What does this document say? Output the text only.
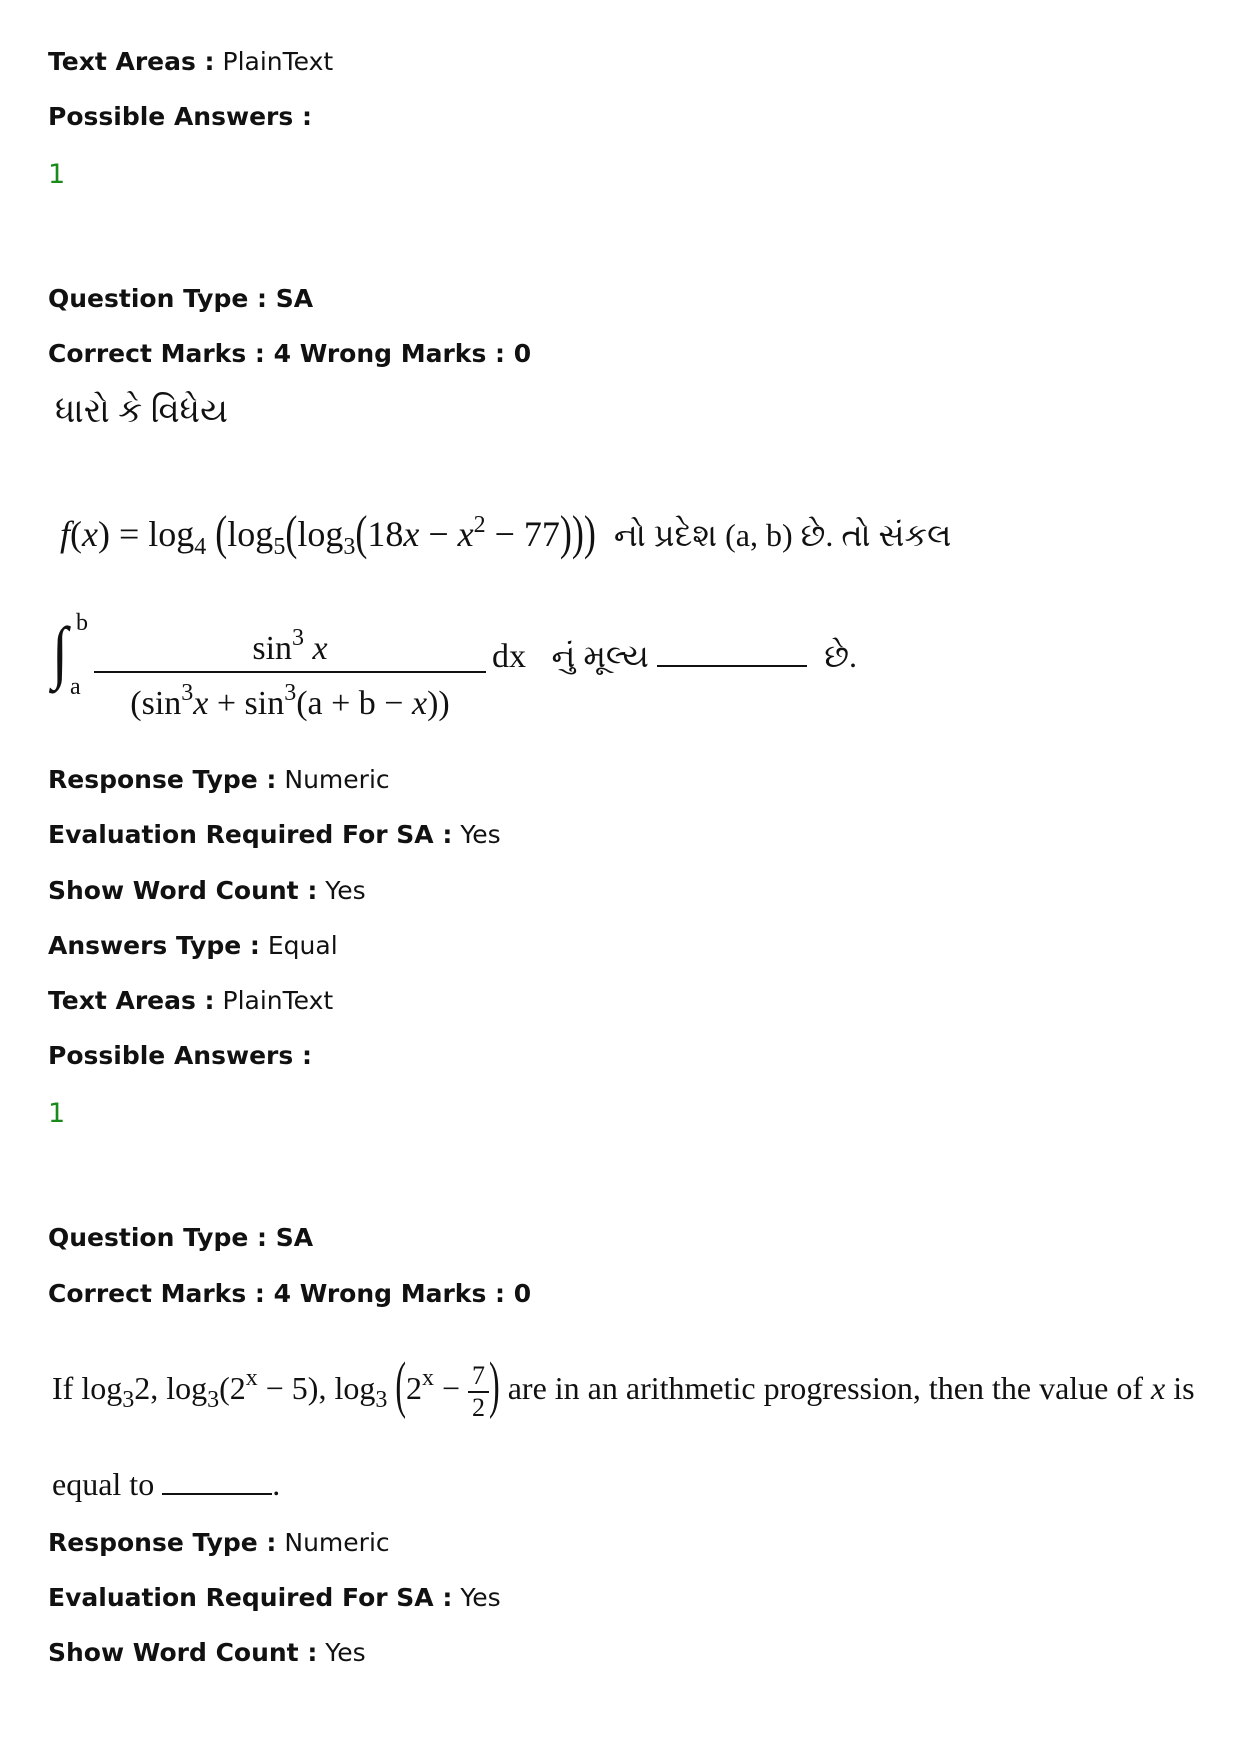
Text Areas : PlainText
Possible Answers :
1
Question Type : SA
Correct Marks : 4 Wrong Marks : 0
ધારો કે વિધેય
$f(x) = \log_4 (\log_5(\log_3(18x - x^2 - 77)))$ નો પ્રદેશ (a, b) છે. તો સંકલ
∫ b
a $\frac{\sin^3 x}{(\sin^3x + \sin^3(a + b - x))}$ dx નું મૂલ્ય	છે.
Response Type : Numeric
Evaluation Required For SA : Yes
Show Word Count : Yes
Answers Type : Equal
Text Areas : PlainText
Possible Answers :
1
Question Type : SA
Correct Marks : 4 Wrong Marks : 0
If $\log_32$, $\log_3(2^x - 5)$, $\log_3 (2^x - \frac{7}{2}$ ) are in an arithmetic progression, then the value of x is
equal to	.
Response Type : Numeric
Evaluation Required For SA : Yes
Show Word Count : Yes
